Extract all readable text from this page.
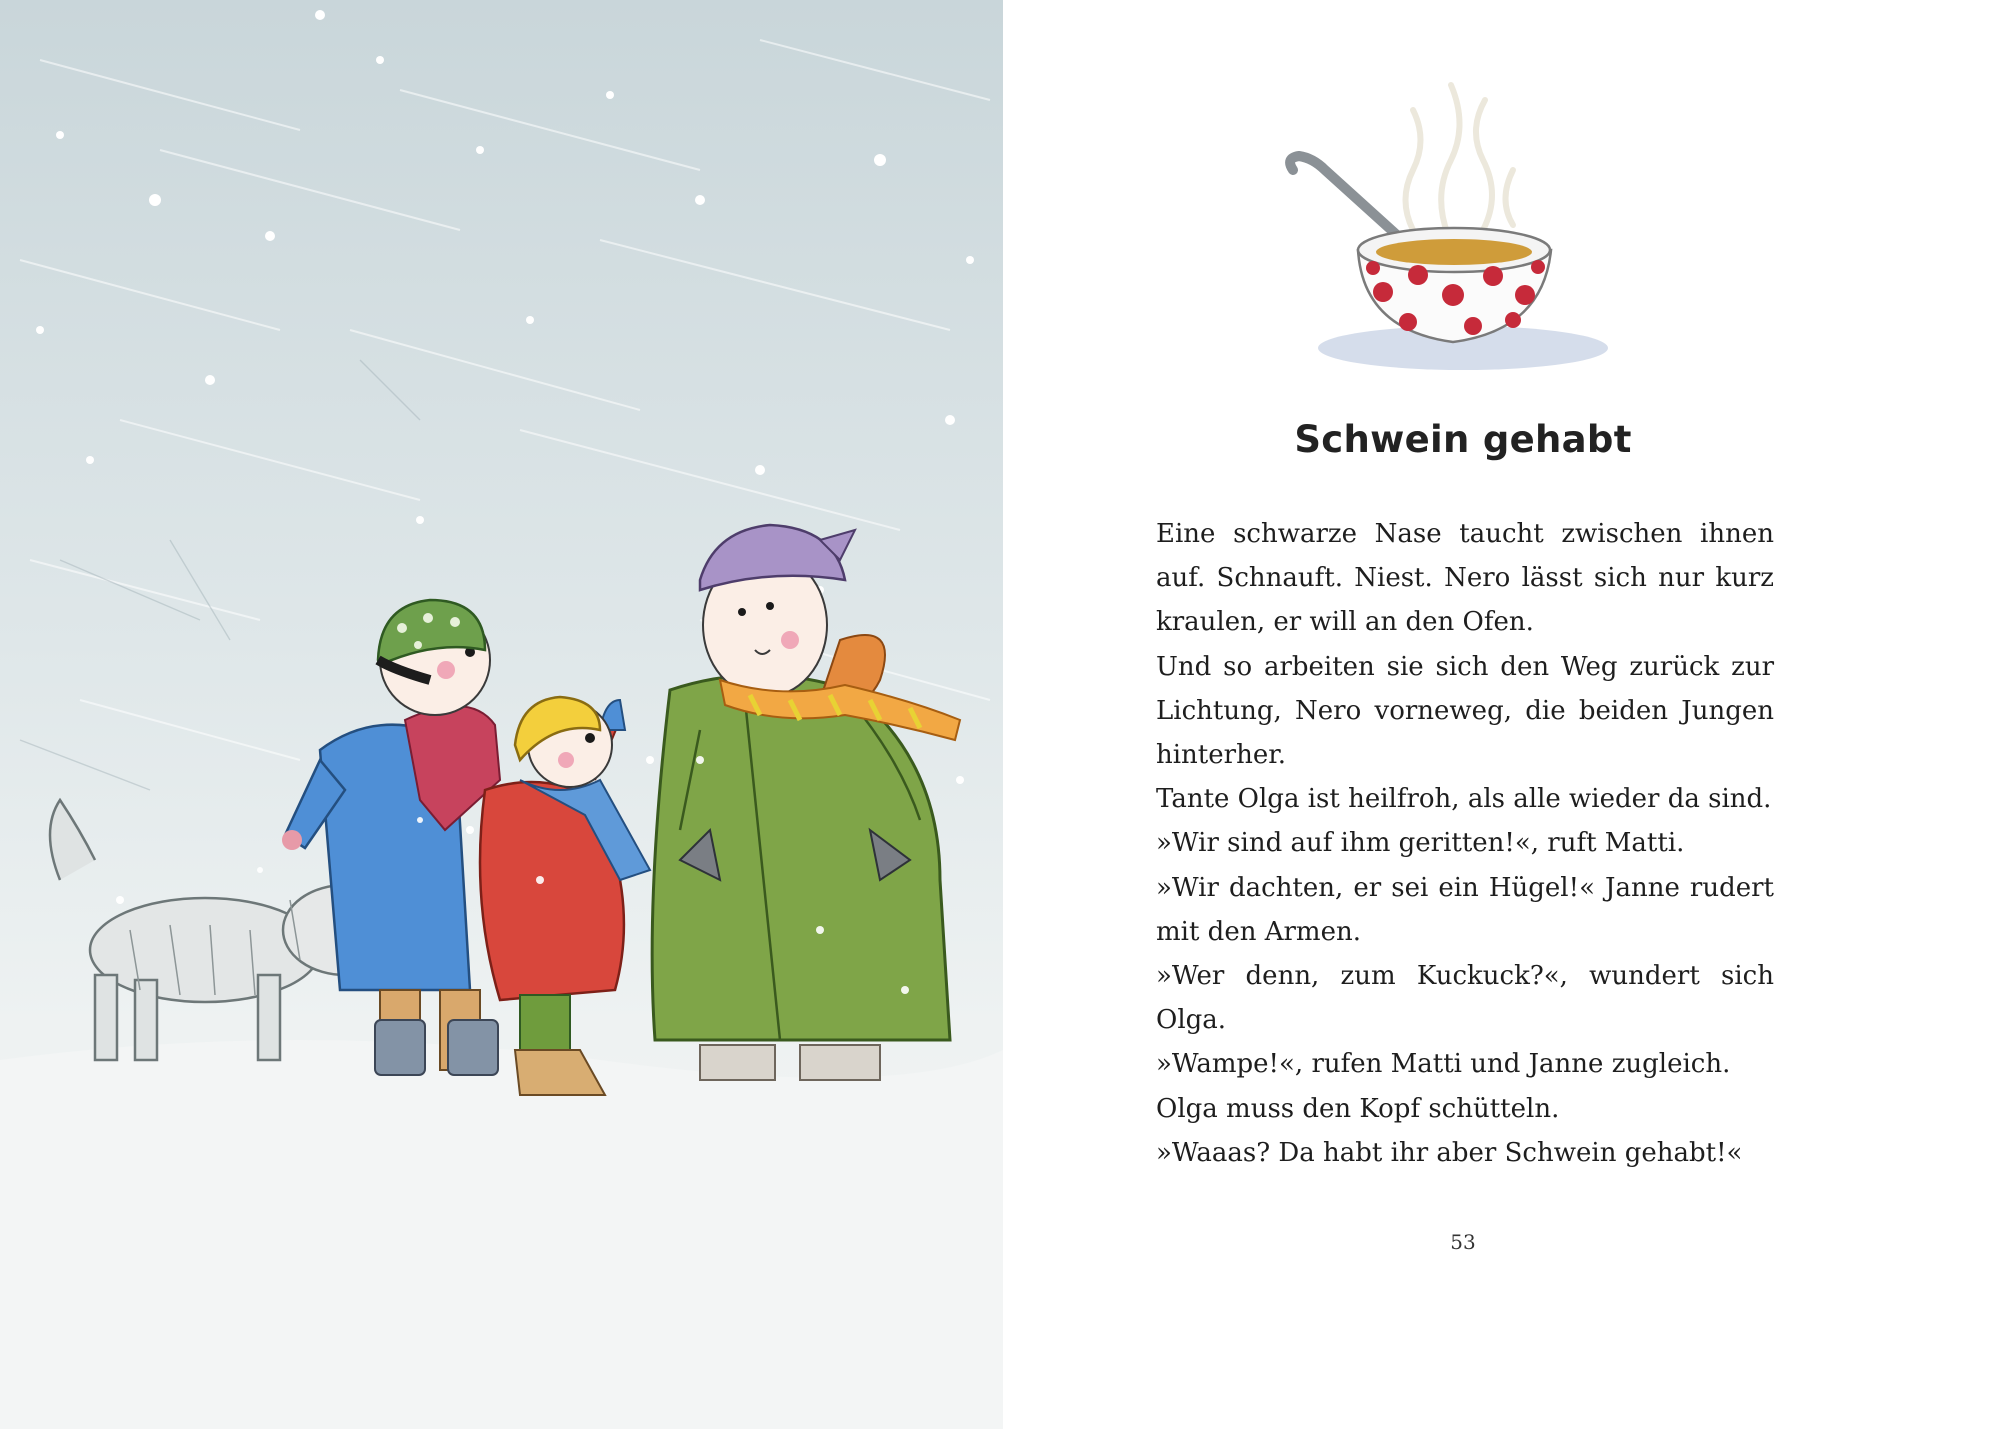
Schwein gehabt

Eine schwarze Nase taucht zwischen ihnen auf. Schnauft. Niest. Nero lässt sich nur kurz kraulen, er will an den Ofen.

Und so arbeiten sie sich den Weg zurück zur Lichtung, Nero vorneweg, die beiden Jungen hinterher.

Tante Olga ist heilfroh, als alle wieder da sind.

»Wir sind auf ihm geritten!«, ruft Matti.

»Wir dachten, er sei ein Hügel!« Janne rudert mit den Armen.

»Wer denn, zum Kuckuck?«, wundert sich Olga.

»Wampe!«, rufen Matti und Janne zugleich.

Olga muss den Kopf schütteln.

»Waaas? Da habt ihr aber Schwein gehabt!«

53
